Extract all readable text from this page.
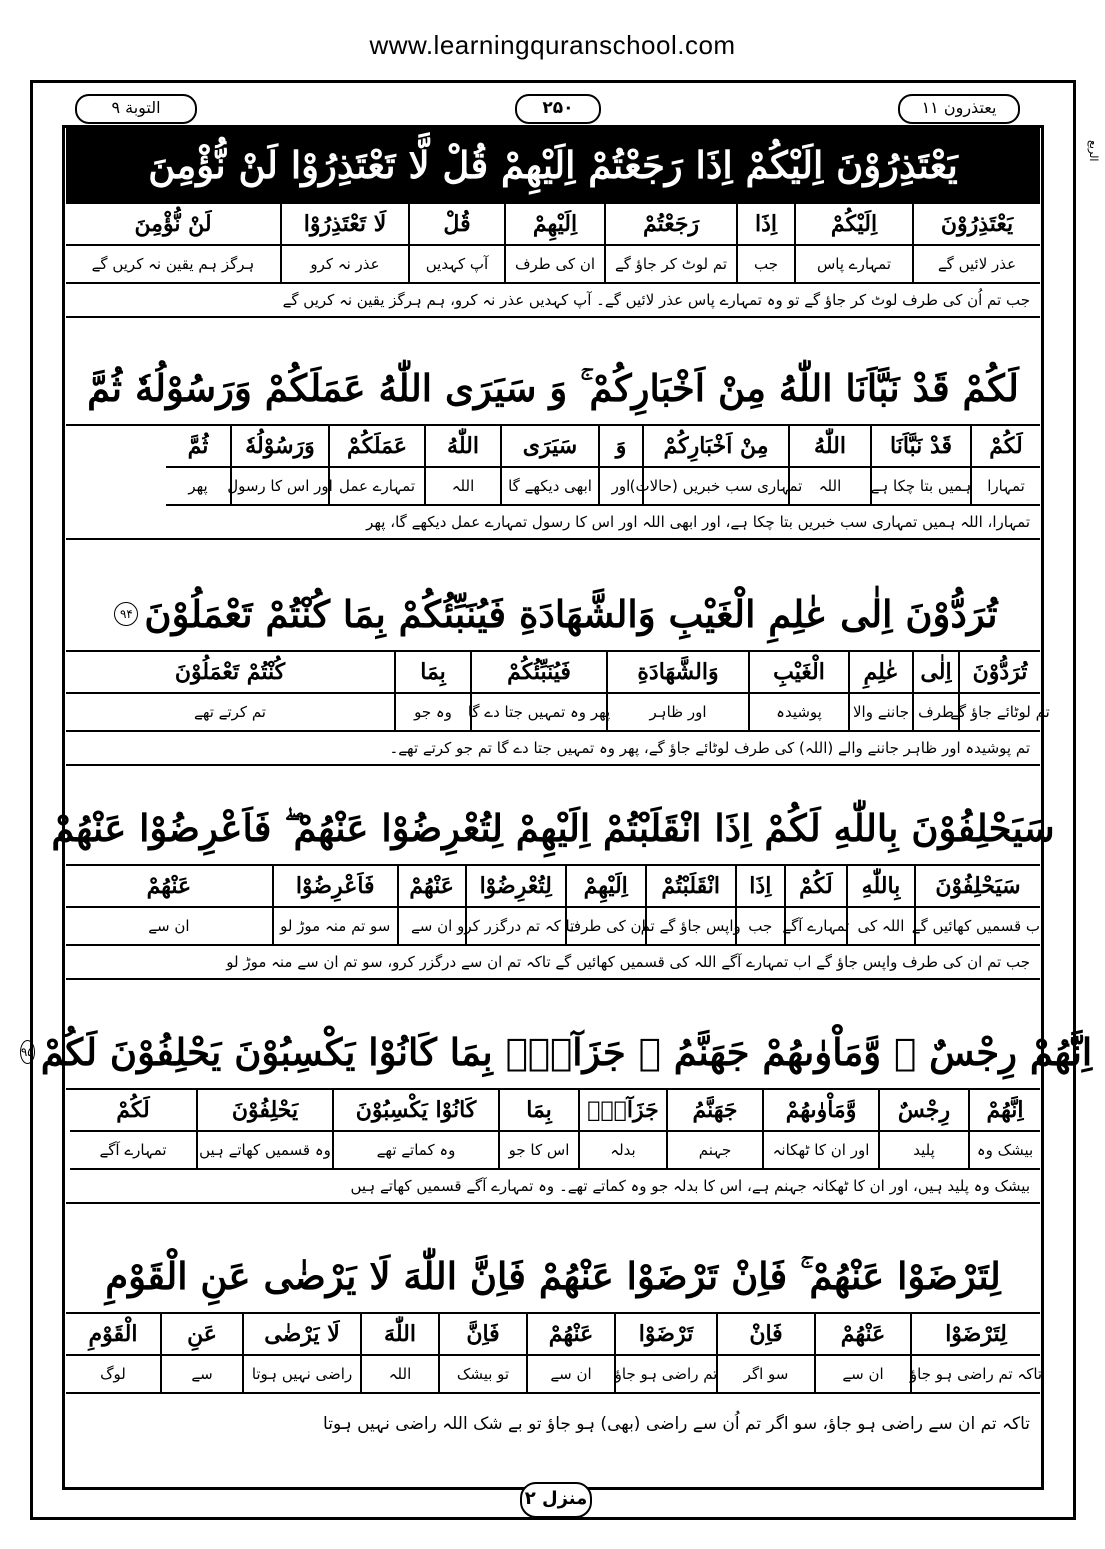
www.learningquranschool.com
یعتذرون ۱۱
۲۵۰
التوبة ۹
الربع
يَعْتَذِرُوْنَ اِلَيْكُمْ اِذَا رَجَعْتُمْ اِلَيْهِمْ قُلْ لَّا تَعْتَذِرُوْا لَنْ نُّؤْمِنَ
يَعْتَذِرُوْنَ
عذر لائیں گے
اِلَيْكُمْ
تمہارے پاس
اِذَا
جب
رَجَعْتُمْ
تم لوٹ کر جاؤ گے
اِلَيْهِمْ
ان کی طرف
قُلْ
آپ کہدیں
لَا تَعْتَذِرُوْا
عذر نہ کرو
لَنْ نُّؤْمِنَ
ہرگز ہم یقین نہ کریں گے
جب تم اُن کی طرف لوٹ کر جاؤ گے تو وہ تمہارے پاس عذر لائیں گے۔ آپ کہدیں عذر نہ کرو، ہم ہرگز یقین نہ کریں گے
لَكُمْ قَدْ نَبَّاَنَا اللّٰهُ مِنْ اَخْبَارِكُمْ ۚ وَ سَيَرَى اللّٰهُ عَمَلَكُمْ وَرَسُوْلُهٗ ثُمَّ
لَكُمْ
تمہارا
قَدْ نَبَّاَنَا
ہمیں بتا چکا ہے
اللّٰهُ
اللہ
مِنْ اَخْبَارِكُمْ
تمہاری سب خبریں (حالات)
وَ
اور
سَيَرَى
ابھی دیکھے گا
اللّٰهُ
اللہ
عَمَلَكُمْ
تمہارے عمل
وَرَسُوْلُهٗ
اور اس کا رسول
ثُمَّ
پھر
تمہارا، اللہ ہمیں تمہاری سب خبریں بتا چکا ہے، اور ابھی اللہ اور اس کا رسول تمہارے عمل دیکھے گا، پھر
تُرَدُّوْنَ اِلٰى عٰلِمِ الْغَيْبِ وَالشَّهَادَةِ فَيُنَبِّئُكُمْ بِمَا كُنْتُمْ تَعْمَلُوْنَ
۹۴
تُرَدُّوْنَ
تم لوٹائے جاؤ گے
اِلٰى
طرف
عٰلِمِ
جاننے والا
الْغَيْبِ
پوشیدہ
وَالشَّهَادَةِ
اور ظاہر
فَيُنَبِّئُكُمْ
پھر وہ تمہیں جتا دے گا
بِمَا
وہ جو
كُنْتُمْ تَعْمَلُوْنَ
تم کرتے تھے
تم پوشیدہ اور ظاہر جاننے والے (اللہ) کی طرف لوٹائے جاؤ گے، پھر وہ تمہیں جتا دے گا تم جو کرتے تھے۔
سَيَحْلِفُوْنَ بِاللّٰهِ لَكُمْ اِذَا انْقَلَبْتُمْ اِلَيْهِمْ لِتُعْرِضُوْا عَنْهُمْ ۖ فَاَعْرِضُوْا عَنْهُمْ
سَيَحْلِفُوْنَ
اب قسمیں کھائیں گے
بِاللّٰهِ
اللہ کی
لَكُمْ
تمہارے آگے
اِذَا
جب
انْقَلَبْتُمْ
واپس جاؤ گے تم
اِلَيْهِمْ
ان کی طرف
لِتُعْرِضُوْا
تا کہ تم درگزر کرو
عَنْهُمْ
ان سے
فَاَعْرِضُوْا
سو تم منہ موڑ لو
عَنْهُمْ
ان سے
جب تم ان کی طرف واپس جاؤ گے اب تمہارے آگے اللہ کی قسمیں کھائیں گے تاکہ تم ان سے درگزر کرو، سو تم ان سے منہ موڑ لو
اِنَّهُمْ رِجْسٌ ۫ وَّمَاْوٰىهُمْ جَهَنَّمُ ۚ جَزَآءًۢ بِمَا كَانُوْا يَكْسِبُوْنَ يَحْلِفُوْنَ لَكُمْ
۹۵
اِنَّهُمْ
بیشک وہ
رِجْسٌ
پلید
وَّمَاْوٰىهُمْ
اور ان کا ٹھکانہ
جَهَنَّمُ
جہنم
جَزَآءًۢ
بدلہ
بِمَا
اس کا جو
كَانُوْا يَكْسِبُوْنَ
وہ کماتے تھے
يَحْلِفُوْنَ
وہ قسمیں کھاتے ہیں
لَكُمْ
تمہارے آگے
بیشک وہ پلید ہیں، اور ان کا ٹھکانہ جہنم ہے، اس کا بدلہ جو وہ کماتے تھے۔ وہ تمہارے آگے قسمیں کھاتے ہیں
لِتَرْضَوْا عَنْهُمْ ۚ فَاِنْ تَرْضَوْا عَنْهُمْ فَاِنَّ اللّٰهَ لَا يَرْضٰى عَنِ الْقَوْمِ
لِتَرْضَوْا
تاکہ تم راضی ہو جاؤ
عَنْهُمْ
ان سے
فَاِنْ
سو اگر
تَرْضَوْا
تم راضی ہو جاؤ
عَنْهُمْ
ان سے
فَاِنَّ
تو بیشک
اللّٰهَ
اللہ
لَا يَرْضٰى
راضی نہیں ہوتا
عَنِ
سے
الْقَوْمِ
لوگ
تاکہ تم ان سے راضی ہو جاؤ، سو اگر تم اُن سے راضی (بھی) ہو جاؤ تو بے شک اللہ راضی نہیں ہوتا
منزل ۲
